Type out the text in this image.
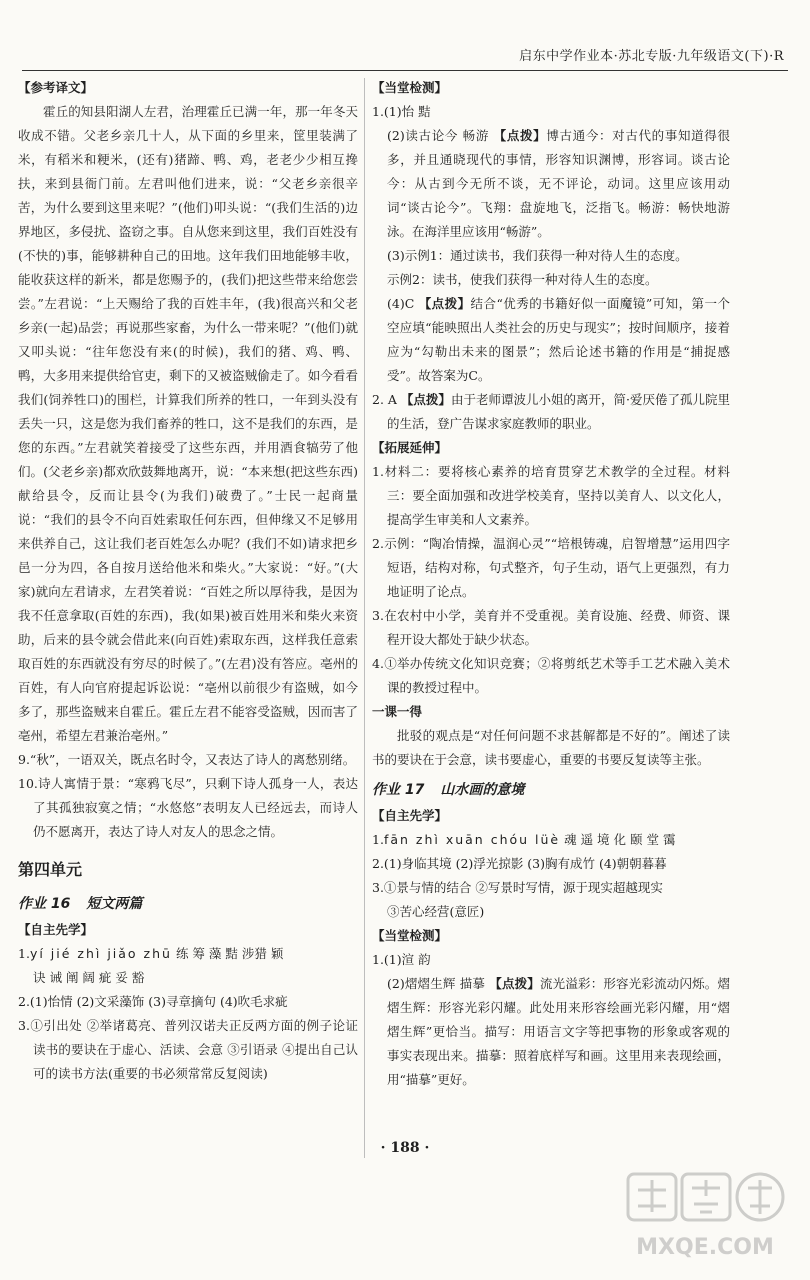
启东中学作业本·苏北专版·九年级语文(下)·R
【参考译文】

霍丘的知县阳湖人左君，治理霍丘已满一年，那一年冬天收成不错。父老乡亲几十人，从下面的乡里来，筐里装满了米，有稻米和粳米，(还有)猪蹄、鸭、鸡，老老少少相互搀扶，来到县衙门前。左君叫他们进来，说：“父老乡亲很辛苦，为什么要到这里来呢？”(他们)叩头说：“(我们生活的)边界地区，多侵扰、盗窃之事。自从您来到这里，我们百姓没有(不快的)事，能够耕种自己的田地。这年我们田地能够丰收，能收获这样的新米，都是您赐予的，(我们)把这些带来给您尝尝。”左君说：“上天赐给了我的百姓丰年，(我)很高兴和父老乡亲(一起)品尝；再说那些家畜，为什么一带来呢？”(他们)就又叩头说：“往年您没有来(的时候)，我们的猪、鸡、鸭、鸭，大多用来提供给官吏，剩下的又被盗贼偷走了。如今看看我们(饲养牲口)的围栏，计算我们所养的牲口，一年到头没有丢失一只，这是您为我们畜养的牲口，这不是我们的东西，是您的东西。”左君就笑着接受了这些东西，并用酒食犒劳了他们。(父老乡亲)都欢欣鼓舞地离开，说：“本来想(把这些东西)献给县令，反而让县令(为我们)破费了。”士民一起商量说：“我们的县令不向百姓索取任何东西，但伸缘又不足够用来供养自己，这让我们老百姓怎么办呢？(我们不如)请求把乡邑一分为四，各自按月送给他米和柴火。”大家说：“好。”(大家)就向左君请求，左君笑着说：“百姓之所以厚待我，是因为我不任意拿取(百姓的东西)，我(如果)被百姓用米和柴火来资助，后来的县令就会借此来(向百姓)索取东西，这样我任意索取百姓的东西就没有穷尽的时候了。”(左君)没有答应。亳州的百姓，有人向官府提起诉讼说：“亳州以前很少有盗贼，如今多了，那些盗贼来自霍丘。霍丘左君不能容受盗贼，因而害了亳州，希望左君兼治亳州。”

9.“秋”，一语双关，既点名时令，又表达了诗人的离愁别绪。

10.诗人寓情于景：“寒鸦飞尽”，只剩下诗人孤身一人，表达了其孤独寂寞之情；“水悠悠”表明友人已经远去，而诗人仍不愿离开，表达了诗人对友人的思念之情。

第四单元
作业 16 短文两篇
【自主先学】

1.yí jié zhì jiǎo zhū 练 筹 藻 黠 涉猎 颖

诀 诫 阐 阔 疵 妥 豁

2.(1)怡情 (2)文采藻饰 (3)寻章摘句 (4)吹毛求疵

3.①引出处 ②举诸葛亮、普列汉诺夫正反两方面的例子论证读书的要诀在于虚心、活读、会意 ③引语录 ④提出自己认可的读书方法(重要的书必须常常反复阅读)

【当堂检测】

1.(1)怡 黠

(2)读古论今 畅游 【点拨】博古通今：对古代的事知道得很多，并且通晓现代的事情，形容知识渊博，形容词。谈古论今：从古到今无所不谈，无不评论，动词。这里应该用动词“谈古论今”。飞翔：盘旋地飞，泛指飞。畅游：畅快地游泳。在海洋里应该用“畅游”。

(3)示例1：通过读书，我们获得一种对待人生的态度。

示例2：读书，使我们获得一种对待人生的态度。

(4)C 【点拨】结合“优秀的书籍好似一面魔镜”可知，第一个空应填“能映照出人类社会的历史与现实”；按时间顺序，接着应为“勾勒出未来的图景”；然后论述书籍的作用是“捕捉感受”。故答案为C。

2. A 【点拨】由于老师谭波儿小姐的离开，简·爱厌倦了孤儿院里的生活，登广告谋求家庭教师的职业。

【拓展延伸】

1.材料二：要将核心素养的培育贯穿艺术教学的全过程。材料三：要全面加强和改进学校美育，坚持以美育人、以文化人，提高学生审美和人文素养。

2.示例：“陶冶情操，温润心灵”“培根铸魂，启智增慧”运用四字短语，结构对称，句式整齐，句子生动，语气上更强烈，有力地证明了论点。

3.在农村中小学，美育并不受重视。美育设施、经费、师资、课程开设大都处于缺少状态。

4.①举办传统文化知识竞赛；②将剪纸艺术等手工艺术融入美术课的教授过程中。

一课一得

批驳的观点是“对任何问题不求甚解都是不好的”。阐述了读书的要诀在于会意，读书要虚心，重要的书要反复读等主张。

作业 17 山水画的意境
【自主先学】

1.fān zhì xuān chóu lüè 魂 遥 境 化 颐 堂 霭

2.(1)身临其境 (2)浮光掠影 (3)胸有成竹 (4)朝朝暮暮

3.①景与情的结合 ②写景时写情，源于现实超越现实

③苦心经营(意匠)

【当堂检测】

1.(1)渲 韵

(2)熠熠生辉 描摹 【点拨】流光溢彩：形容光彩流动闪烁。熠熠生辉：形容光彩闪耀。此处用来形容绘画光彩闪耀，用“熠熠生辉”更恰当。描写：用语言文字等把事物的形象或客观的事实表现出来。描摹：照着底样写和画。这里用来表现绘画，用“描摹”更好。

· 188 ·
MXQE.COM
